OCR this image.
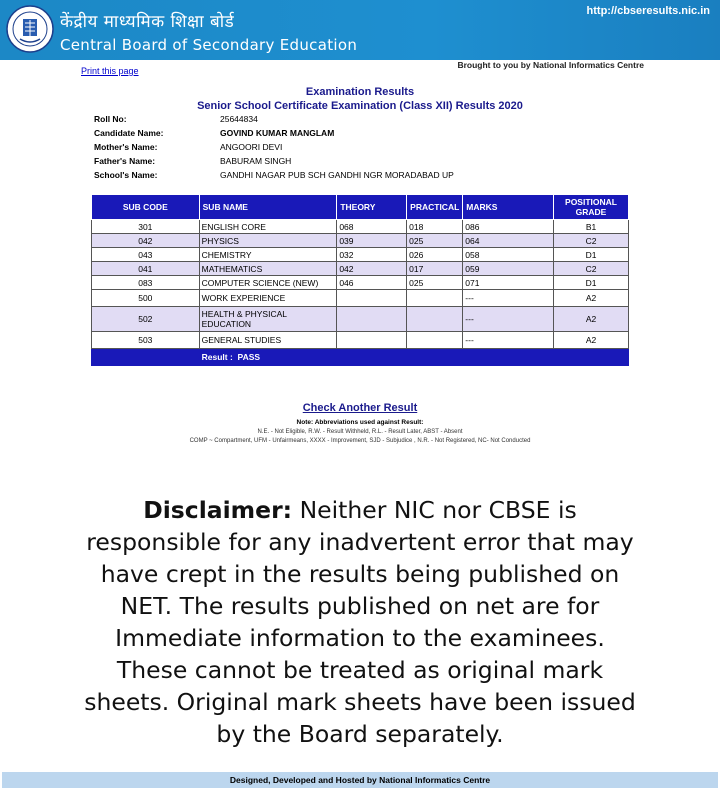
केंद्रीय माध्यमिक शिक्षा बोर्ड
Central Board of Secondary Education
http://cbseresults.nic.in
Print this page
Brought to you by National Informatics Centre
Examination Results
Senior School Certificate Examination (Class XII) Results 2020
Roll No:	25644834
Candidate Name:	GOVIND KUMAR MANGLAM
Mother's Name:	ANGOORI DEVI
Father's Name:	BABURAM SINGH
School's Name:	GANDHI NAGAR PUB SCH GANDHI NGR MORADABAD UP
SUB CODE	SUB NAME	THEORY	PRACTICAL	MARKS	POSITIONAL GRADE
301	ENGLISH CORE	068	018	086	B1
042	PHYSICS	039	025	064	C2
043	CHEMISTRY	032	026	058	D1
041	MATHEMATICS	042	017	059	C2
083	COMPUTER SCIENCE (NEW)	046	025	071	D1
500	WORK EXPERIENCE			---	A2
502	HEALTH & PHYSICAL EDUCATION			---	A2
503	GENERAL STUDIES			---	A2
	Result : PASS				
Check Another Result
Note: Abbreviations used against Result:
N.E. - Not Eligible, R.W. - Result Withheld, R.L. - Result Later, ABST - Absent
COMP ~ Compartment, UFM - Unfairmeans, XXXX - Improvement, SJD - Subjudice , N.R. - Not Registered, NC- Not Conducted
Disclaimer: Neither NIC nor CBSE is responsible for any inadvertent error that may have crept in the results being published on NET. The results published on net are for Immediate information to the examinees. These cannot be treated as original mark sheets. Original mark sheets have been issued by the Board separately.
Designed, Developed and Hosted by National Informatics Centre
